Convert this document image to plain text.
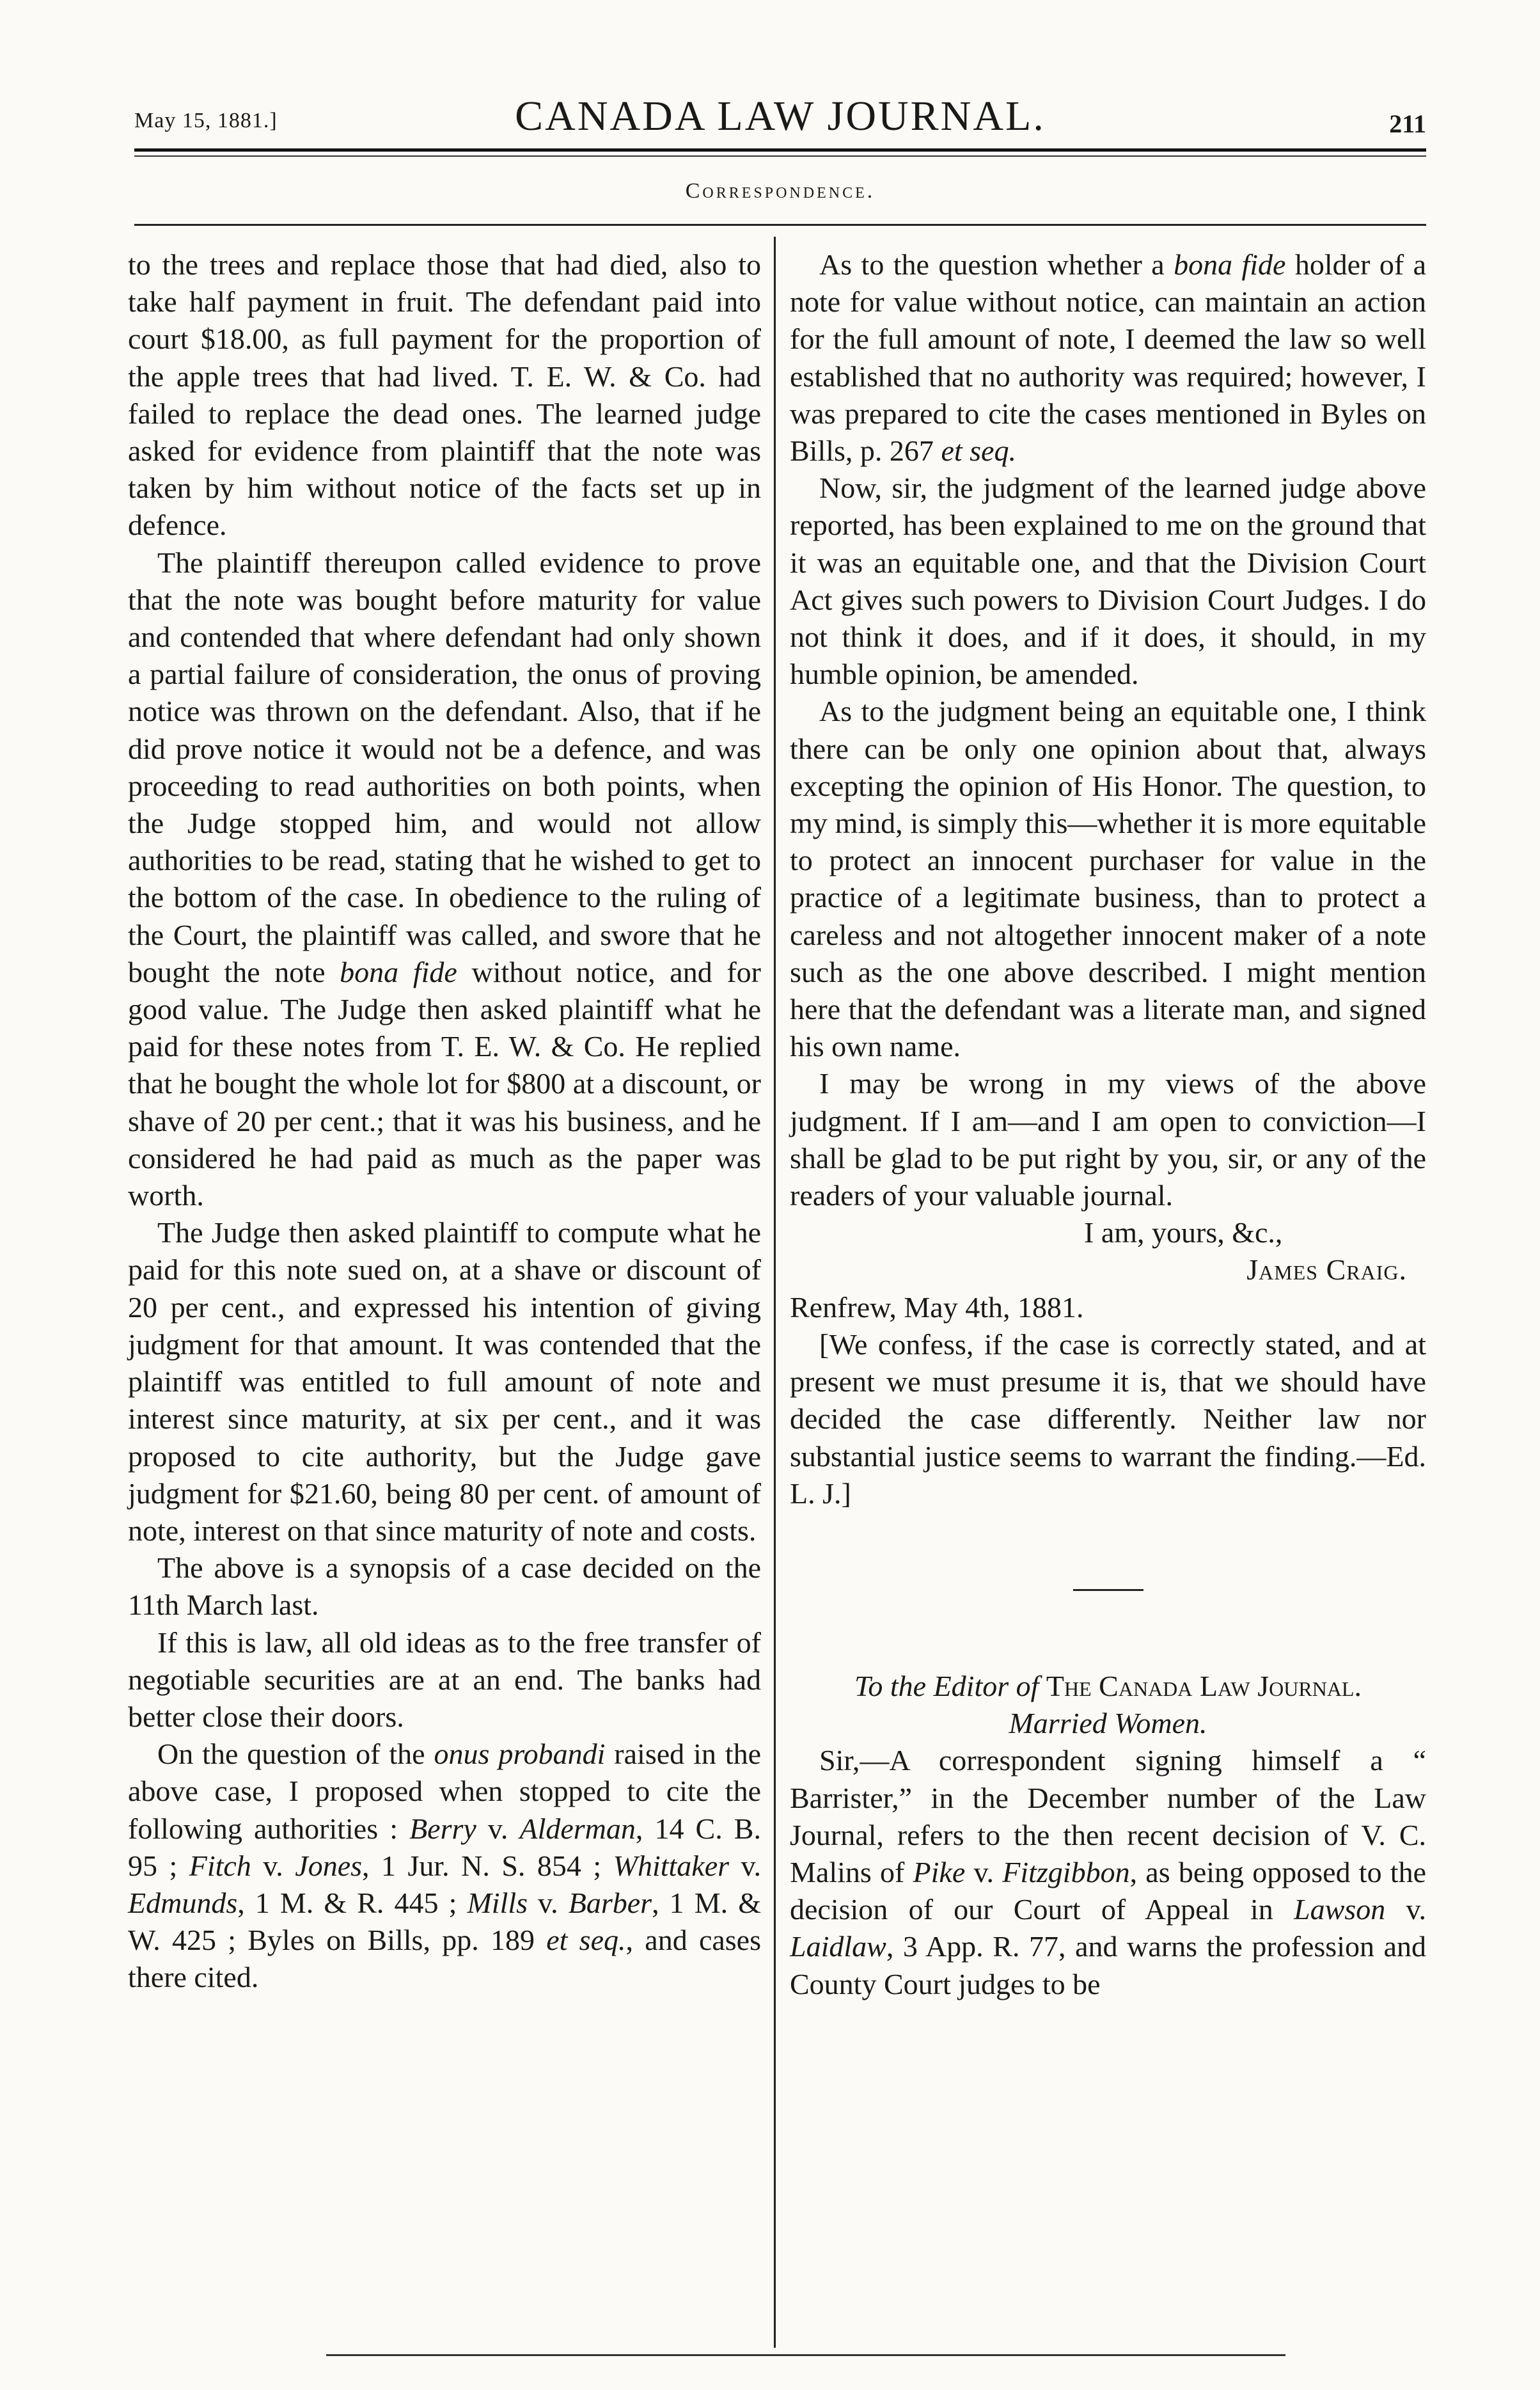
May 15, 1881.]	CANADA LAW JOURNAL.	211
Correspondence.

to the trees and replace those that had died, also to take half payment in fruit. The defendant paid into court $18.00, as full payment for the proportion of the apple trees that had lived. T. E. W. & Co. had failed to replace the dead ones. The learned judge asked for evidence from plaintiff that the note was taken by him without notice of the facts set up in defence.

The plaintiff thereupon called evidence to prove that the note was bought before maturity for value and contended that where defendant had only shown a partial failure of consideration, the onus of proving notice was thrown on the defendant. Also, that if he did prove notice it would not be a defence, and was proceeding to read authorities on both points, when the Judge stopped him, and would not allow authorities to be read, stating that he wished to get to the bottom of the case. In obedience to the ruling of the Court, the plaintiff was called, and swore that he bought the note bona fide without notice, and for good value. The Judge then asked plaintiff what he paid for these notes from T. E. W. & Co. He replied that he bought the whole lot for $800 at a discount, or shave of 20 per cent.; that it was his business, and he considered he had paid as much as the paper was worth.

The Judge then asked plaintiff to compute what he paid for this note sued on, at a shave or discount of 20 per cent., and expressed his intention of giving judgment for that amount. It was contended that the plaintiff was entitled to full amount of note and interest since maturity, at six per cent., and it was proposed to cite authority, but the Judge gave judgment for $21.60, being 80 per cent. of amount of note, interest on that since maturity of note and costs.

The above is a synopsis of a case decided on the 11th March last.

If this is law, all old ideas as to the free transfer of negotiable securities are at an end. The banks had better close their doors.

On the question of the onus probandi raised in the above case, I proposed when stopped to cite the following authorities : Berry v. Alderman, 14 C. B. 95 ; Fitch v. Jones, 1 Jur. N. S. 854 ; Whittaker v. Edmunds, 1 M. & R. 445 ; Mills v. Barber, 1 M. & W. 425 ; Byles on Bills, pp. 189 et seq., and cases there cited.

As to the question whether a bona fide holder of a note for value without notice, can maintain an action for the full amount of note, I deemed the law so well established that no authority was required; however, I was prepared to cite the cases mentioned in Byles on Bills, p. 267 et seq.

Now, sir, the judgment of the learned judge above reported, has been explained to me on the ground that it was an equitable one, and that the Division Court Act gives such powers to Division Court Judges. I do not think it does, and if it does, it should, in my humble opinion, be amended.

As to the judgment being an equitable one, I think there can be only one opinion about that, always excepting the opinion of His Honor. The question, to my mind, is simply this—whether it is more equitable to protect an innocent purchaser for value in the practice of a legitimate business, than to protect a careless and not altogether innocent maker of a note such as the one above described. I might mention here that the defendant was a literate man, and signed his own name.

I may be wrong in my views of the above judgment. If I am—and I am open to conviction—I shall be glad to be put right by you, sir, or any of the readers of your valuable journal.

I am, yours, &c.,

James Craig.

Renfrew, May 4th, 1881.

[We confess, if the case is correctly stated, and at present we must presume it is, that we should have decided the case differently. Neither law nor substantial justice seems to warrant the finding.—Ed. L. J.]

To the Editor of The Canada Law Journal.

Married Women.

Sir,—A correspondent signing himself a “ Barrister,” in the December number of the Law Journal, refers to the then recent decision of V. C. Malins of Pike v. Fitzgibbon, as being opposed to the decision of our Court of Appeal in Lawson v. Laidlaw, 3 App. R. 77, and warns the profession and County Court judges to be
